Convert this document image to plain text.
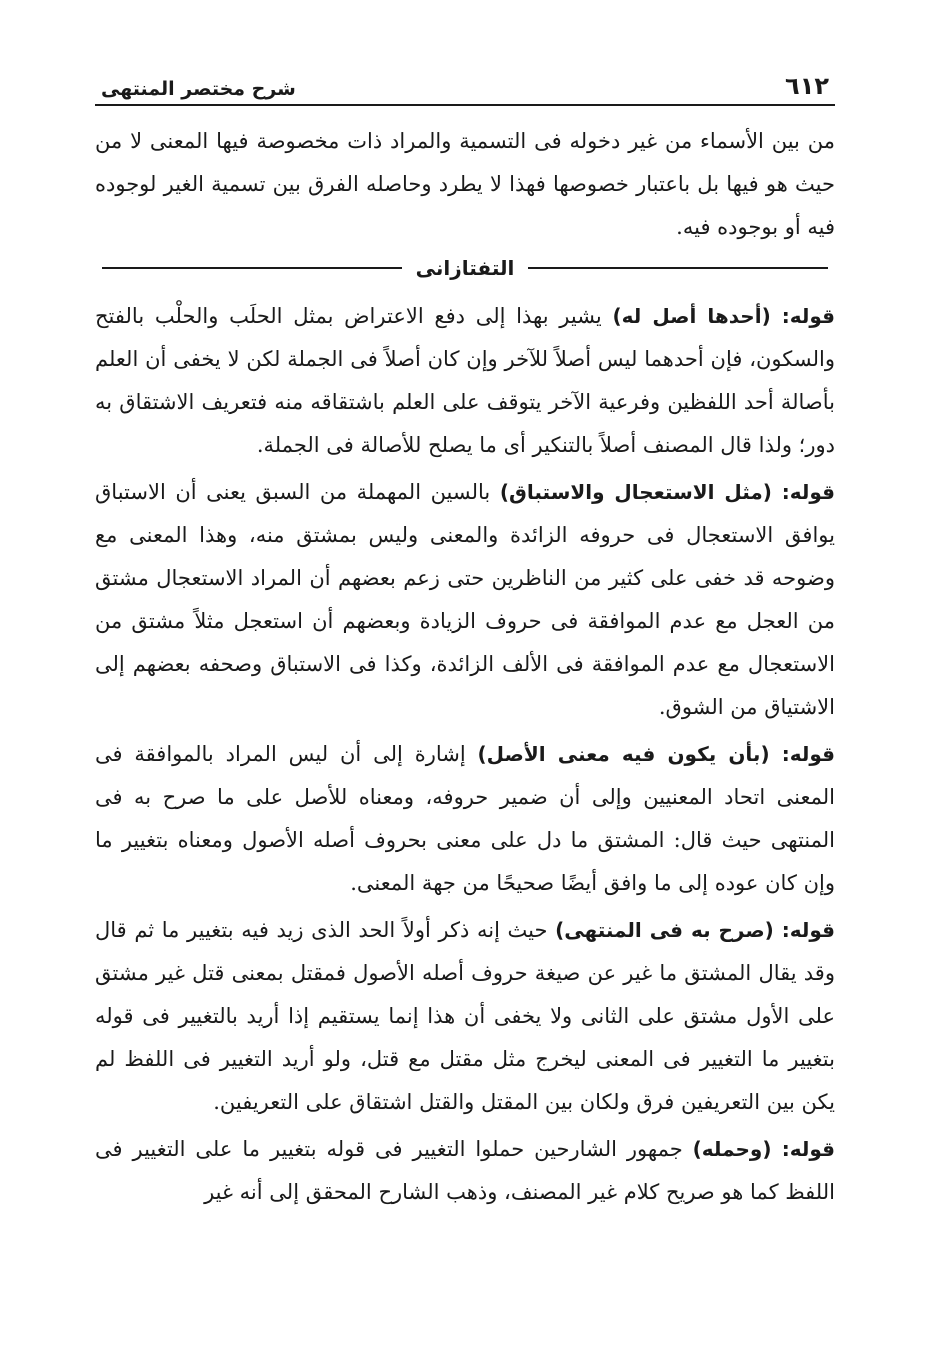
٦١٢
شرح مختصر المنتهى

من بين الأسماء من غير دخوله فى التسمية والمراد ذات مخصوصة فيها المعنى لا من حيث هو فيها بل باعتبار خصوصها فهذا لا يطرد وحاصله الفرق بين تسمية الغير لوجوده فيه أو بوجوده فيه.

التفتازانى

قوله: (أحدها أصل له) يشير بهذا إلى دفع الاعتراض بمثل الحلَب والحلْب بالفتح والسكون، فإن أحدهما ليس أصلاً للآخر وإن كان أصلاً فى الجملة لكن لا يخفى أن العلم بأصالة أحد اللفظين وفرعية الآخر يتوقف على العلم باشتقاقه منه فتعريف الاشتقاق به دور؛ ولذا قال المصنف أصلاً بالتنكير أى ما يصلح للأصالة فى الجملة.

قوله: (مثل الاستعجال والاستباق) بالسين المهملة من السبق يعنى أن الاستباق يوافق الاستعجال فى حروفه الزائدة والمعنى وليس بمشتق منه، وهذا المعنى مع وضوحه قد خفى على كثير من الناظرين حتى زعم بعضهم أن المراد الاستعجال مشتق من العجل مع عدم الموافقة فى حروف الزيادة وبعضهم أن استعجل مثلاً مشتق من الاستعجال مع عدم الموافقة فى الألف الزائدة، وكذا فى الاستباق وصحفه بعضهم إلى الاشتياق من الشوق.

قوله: (بأن يكون فيه معنى الأصل) إشارة إلى أن ليس المراد بالموافقة فى المعنى اتحاد المعنيين وإلى أن ضمير حروفه، ومعناه للأصل على ما صرح به فى المنتهى حيث قال: المشتق ما دل على معنى بحروف أصله الأصول ومعناه بتغيير ما وإن كان عوده إلى ما وافق أيضًا صحيحًا من جهة المعنى.

قوله: (صرح به فى المنتهى) حيث إنه ذكر أولاً الحد الذى زيد فيه بتغيير ما ثم قال وقد يقال المشتق ما غير عن صيغة حروف أصله الأصول فمقتل بمعنى قتل غير مشتق على الأول مشتق على الثانى ولا يخفى أن هذا إنما يستقيم إذا أريد بالتغيير فى قوله بتغيير ما التغيير فى المعنى ليخرج مثل مقتل مع قتل، ولو أريد التغيير فى اللفظ لم يكن بين التعريفين فرق ولكان بين المقتل والقتل اشتقاق على التعريفين.

قوله: (وحمله) جمهور الشارحين حملوا التغيير فى قوله بتغيير ما على التغيير فى اللفظ كما هو صريح كلام غير المصنف، وذهب الشارح المحقق إلى أنه غير
